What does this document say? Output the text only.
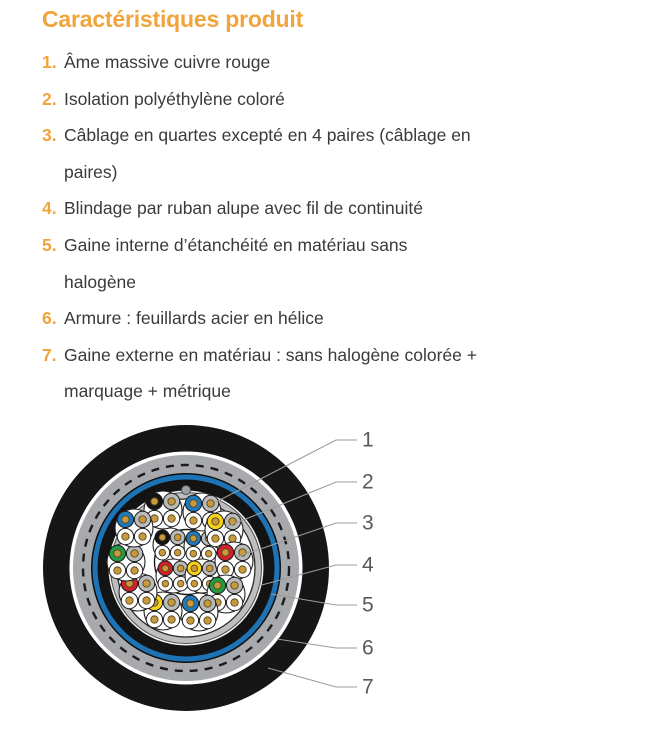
Caractéristiques produit
1. Âme massive cuivre rouge
2. Isolation polyéthylène coloré
3. Câblage en quartes excepté en 4 paires (câblage en
paires)
4. Blindage par ruban alupe avec fil de continuité
5. Gaine interne d’étanchéité en matériau sans
halogène
6. Armure : feuillards acier en hélice
7. Gaine externe en matériau : sans halogène colorée +
marquage + métrique
1
2
3
4
5
6
7
